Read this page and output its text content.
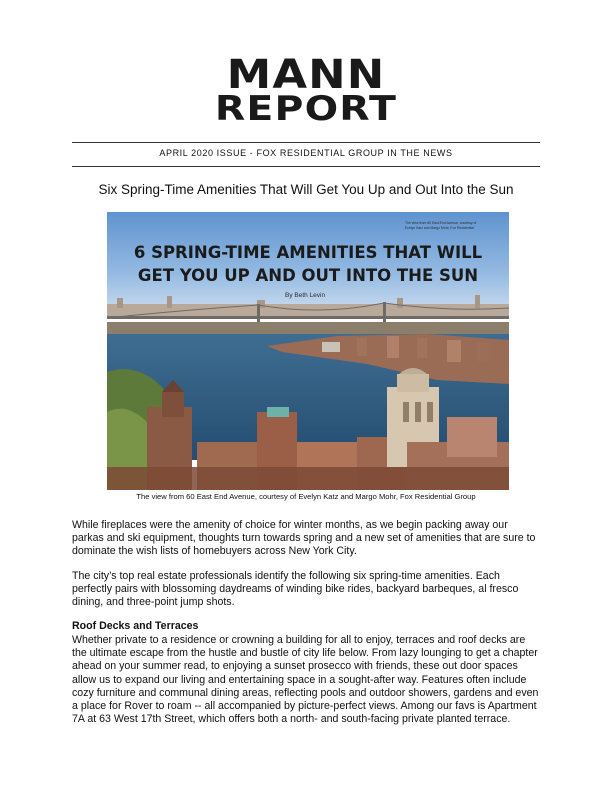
MANN
REPORT
APRIL 2020 ISSUE - FOX RESIDENTIAL GROUP IN THE NEWS
Six Spring-Time Amenities That Will Get You Up and Out Into the Sun
6 SPRING-TIME AMENITIES THAT WILL
GET YOU UP AND OUT INTO THE SUN
By Beth Levin
The view from 60 East End Avenue, courtesy of
Evelyn Katz and Margo Mohr, Fox Residential
The view from 60 East End Avenue, courtesy of Evelyn Katz and Margo Mohr, Fox Residential Group

While fireplaces were the amenity of choice for winter months, as we begin packing away our parkas and ski equipment, thoughts turn towards spring and a new set of amenities that are sure to dominate the wish lists of homebuyers across New York City.

The city’s top real estate professionals identify the following six spring-time amenities. Each perfectly pairs with blossoming daydreams of winding bike rides, backyard barbeques, al fresco dining, and three-point jump shots.

Roof Decks and Terraces

Whether private to a residence or crowning a building for all to enjoy, terraces and roof decks are the ultimate escape from the hustle and bustle of city life below. From lazy lounging to get a chapter ahead on your summer read, to enjoying a sunset prosecco with friends, these out door spaces allow us to expand our living and entertaining space in a sought-after way. Features often include cozy furniture and communal dining areas, reflecting pools and outdoor showers, gardens and even a place for Rover to roam -- all accompanied by picture-perfect views. Among our favs is Apartment 7A at 63 West 17th Street, which offers both a north- and south-facing private planted terrace.
